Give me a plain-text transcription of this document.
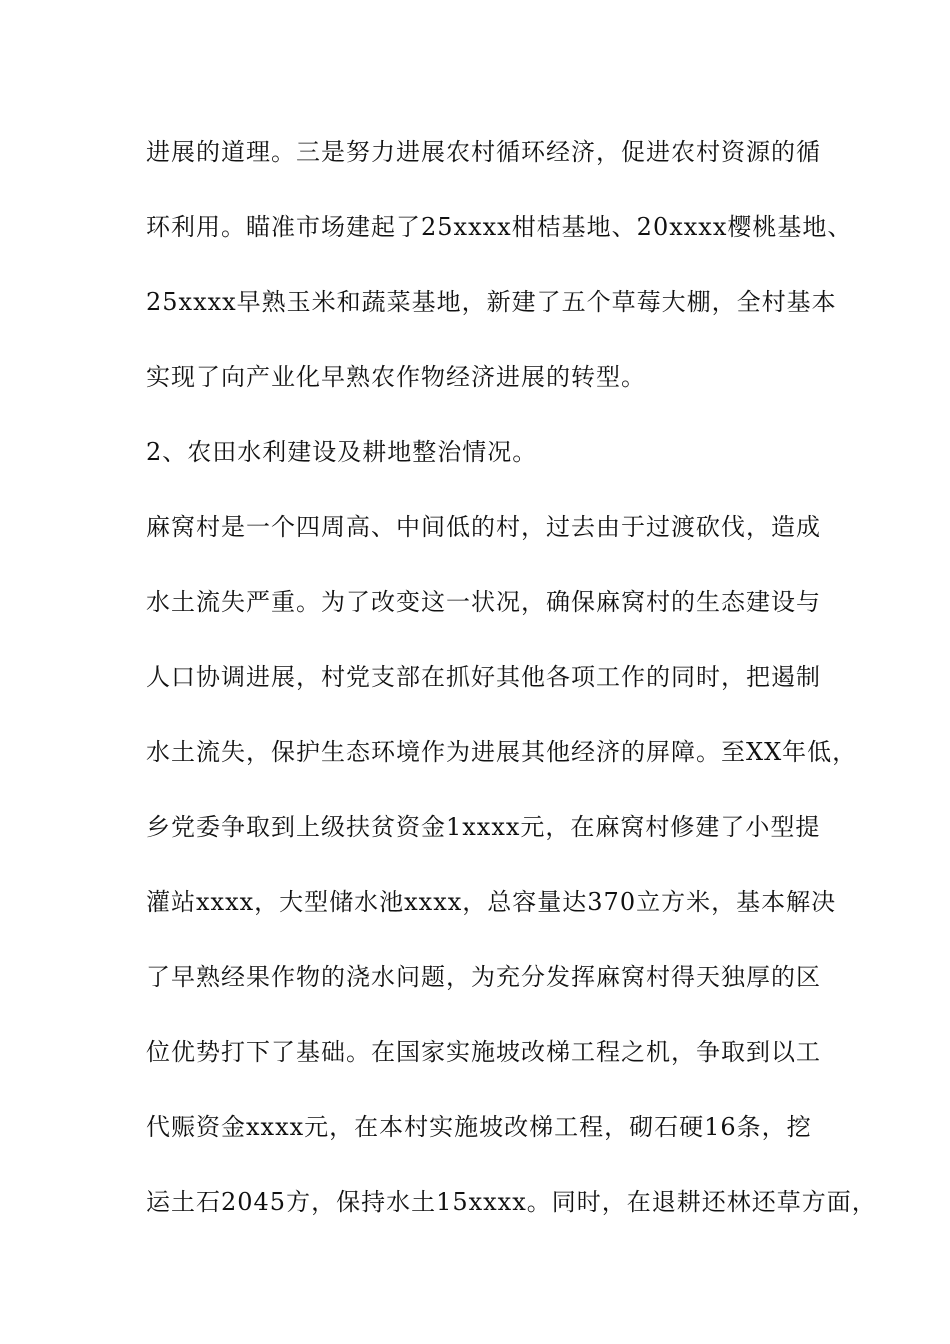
进展的道理。三是努力进展农村循环经济，促进农村资源的循
环利用。瞄准市场建起了25xxxx柑桔基地、20xxxx樱桃基地、
25xxxx早熟玉米和蔬菜基地，新建了五个草莓大棚，全村基本
实现了向产业化早熟农作物经济进展的转型。
2、农田水利建设及耕地整治情况。
麻窝村是一个四周高、中间低的村，过去由于过渡砍伐，造成
水土流失严重。为了改变这一状况，确保麻窝村的生态建设与
人口协调进展，村党支部在抓好其他各项工作的同时，把遏制
水土流失，保护生态环境作为进展其他经济的屏障。至XX年低，
乡党委争取到上级扶贫资金1xxxx元，在麻窝村修建了小型提
灌站xxxx，大型储水池xxxx，总容量达370立方米，基本解决
了早熟经果作物的浇水问题，为充分发挥麻窝村得天独厚的区
位优势打下了基础。在国家实施坡改梯工程之机，争取到以工
代赈资金xxxx元，在本村实施坡改梯工程，砌石硬16条，挖
运土石2045方，保持水土15xxxx。同时，在退耕还林还草方面，
